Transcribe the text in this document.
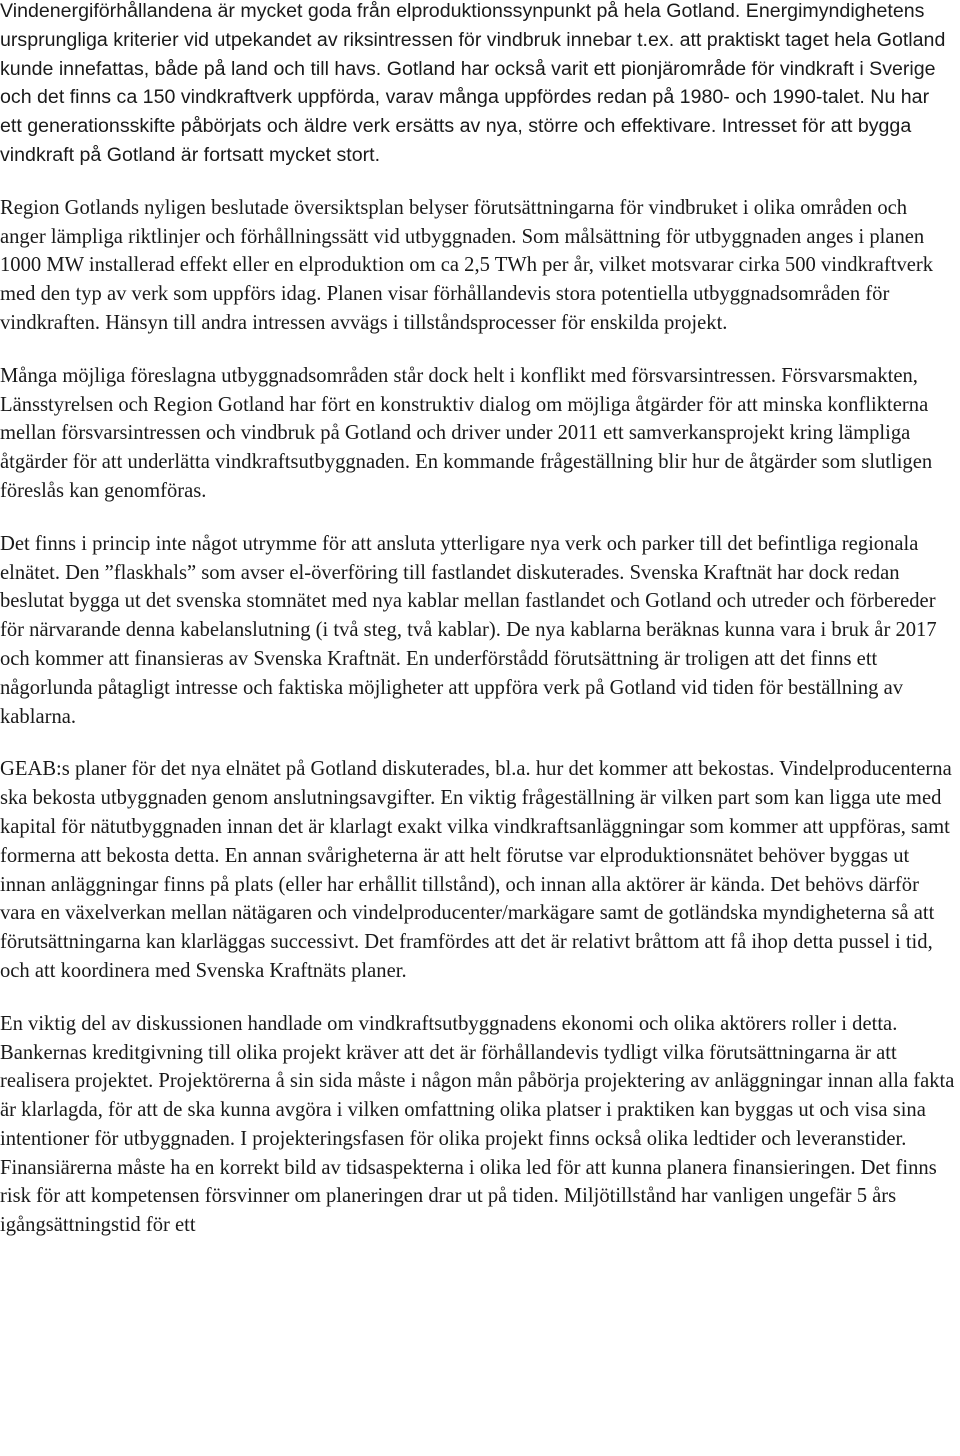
Vindenergiförhållandena är mycket goda från elproduktionssynpunkt på hela Gotland. Energimyndighetens ursprungliga kriterier vid utpekandet av riksintressen för vindbruk innebar t.ex. att praktiskt taget hela Gotland kunde innefattas, både på land och till havs. Gotland har också varit ett pionjärområde för vindkraft i Sverige och det finns ca 150 vindkraftverk uppförda, varav många uppfördes redan på 1980- och 1990-talet. Nu har ett generationsskifte påbörjats och äldre verk ersätts av nya, större och effektivare. Intresset för att bygga vindkraft på Gotland är fortsatt mycket stort.

Region Gotlands nyligen beslutade översiktsplan belyser förutsättningarna för vindbruket i olika områden och anger lämpliga riktlinjer och förhållningssätt vid utbyggnaden. Som målsättning för utbyggnaden anges i planen 1000 MW installerad effekt eller en elproduktion om ca 2,5 TWh per år, vilket motsvarar cirka 500 vindkraftverk med den typ av verk som uppförs idag. Planen visar förhållandevis stora potentiella utbyggnadsområden för vindkraften. Hänsyn till andra intressen avvägs i tillståndsprocesser för enskilda projekt.

Många möjliga föreslagna utbyggnadsområden står dock helt i konflikt med försvarsintressen. Försvarsmakten, Länsstyrelsen och Region Gotland har fört en konstruktiv dialog om möjliga åtgärder för att minska konflikterna mellan försvarsintressen och vindbruk på Gotland och driver under 2011 ett samverkansprojekt kring lämpliga åtgärder för att underlätta vindkraftsutbyggnaden. En kommande frågeställning blir hur de åtgärder som slutligen föreslås kan genomföras.

Det finns i princip inte något utrymme för att ansluta ytterligare nya verk och parker till det befintliga regionala elnätet. Den ”flaskhals” som avser el-överföring till fastlandet diskuterades. Svenska Kraftnät har dock redan beslutat bygga ut det svenska stomnätet med nya kablar mellan fastlandet och Gotland och utreder och förbereder för närvarande denna kabelanslutning (i två steg, två kablar). De nya kablarna beräknas kunna vara i bruk år 2017 och kommer att finansieras av Svenska Kraftnät. En underförstådd förutsättning är troligen att det finns ett någorlunda påtagligt intresse och faktiska möjligheter att uppföra verk på Gotland vid tiden för beställning av kablarna.

GEAB:s planer för det nya elnätet på Gotland diskuterades, bl.a. hur det kommer att bekostas. Vindelproducenterna ska bekosta utbyggnaden genom anslutningsavgifter. En viktig frågeställning är vilken part som kan ligga ute med kapital för nätutbyggnaden innan det är klarlagt exakt vilka vindkraftsanläggningar som kommer att uppföras, samt formerna att bekosta detta. En annan svårigheterna är att helt förutse var elproduktionsnätet behöver byggas ut innan anläggningar finns på plats (eller har erhållit tillstånd), och innan alla aktörer är kända. Det behövs därför vara en växelverkan mellan nätägaren och vindelproducenter/markägare samt de gotländska myndigheterna så att förutsättningarna kan klarläggas successivt. Det framfördes att det är relativt bråttom att få ihop detta pussel i tid, och att koordinera med Svenska Kraftnäts planer.

En viktig del av diskussionen handlade om vindkraftsutbyggnadens ekonomi och olika aktörers roller i detta. Bankernas kreditgivning till olika projekt kräver att det är förhållandevis tydligt vilka förutsättningarna är att realisera projektet. Projektörerna å sin sida måste i någon mån påbörja projektering av anläggningar innan alla fakta är klarlagda, för att de ska kunna avgöra i vilken omfattning olika platser i praktiken kan byggas ut och visa sina intentioner för utbyggnaden. I projekteringsfasen för olika projekt finns också olika ledtider och leveranstider. Finansiärerna måste ha en korrekt bild av tidsaspekterna i olika led för att kunna planera finansieringen. Det finns risk för att kompetensen försvinner om planeringen drar ut på tiden. Miljötillstånd har vanligen ungefär 5 års igångsättningstid för ett
